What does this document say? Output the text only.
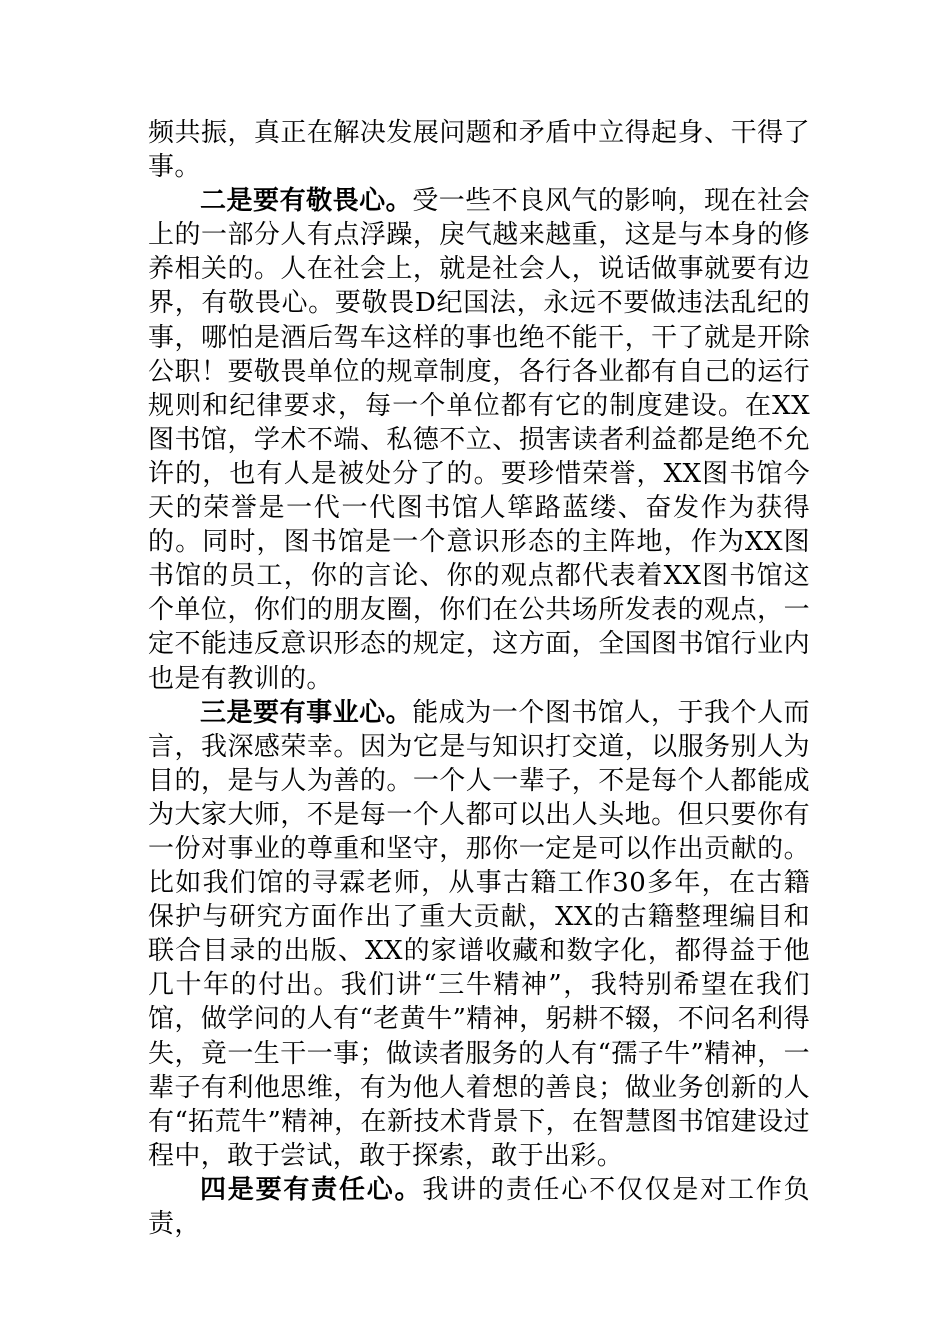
频共振，真正在解决发展问题和矛盾中立得起身、干得了事。

二是要有敬畏心。受一些不良风气的影响，现在社会上的一部分人有点浮躁，戾气越来越重，这是与本身的修养相关的。人在社会上，就是社会人，说话做事就要有边界，有敬畏心。要敬畏D纪国法，永远不要做违法乱纪的事，哪怕是酒后驾车这样的事也绝不能干，干了就是开除公职！要敬畏单位的规章制度，各行各业都有自己的运行规则和纪律要求，每一个单位都有它的制度建设。在XX图书馆，学术不端、私德不立、损害读者利益都是绝不允许的，也有人是被处分了的。要珍惜荣誉，XX图书馆今天的荣誉是一代一代图书馆人筚路蓝缕、奋发作为获得的。同时，图书馆是一个意识形态的主阵地，作为XX图书馆的员工，你的言论、你的观点都代表着XX图书馆这个单位，你们的朋友圈，你们在公共场所发表的观点，一定不能违反意识形态的规定，这方面，全国图书馆行业内也是有教训的。

三是要有事业心。能成为一个图书馆人，于我个人而言，我深感荣幸。因为它是与知识打交道，以服务别人为目的，是与人为善的。一个人一辈子，不是每个人都能成为大家大师，不是每一个人都可以出人头地。但只要你有一份对事业的尊重和坚守，那你一定是可以作出贡献的。比如我们馆的寻霖老师，从事古籍工作30多年，在古籍保护与研究方面作出了重大贡献，XX的古籍整理编目和联合目录的出版、XX的家谱收藏和数字化，都得益于他几十年的付出。我们讲“三牛精神”，我特别希望在我们馆，做学问的人有“老黄牛”精神，躬耕不辍，不问名利得失，竟一生干一事；做读者服务的人有“孺子牛”精神，一辈子有利他思维，有为他人着想的善良；做业务创新的人有“拓荒牛”精神，在新技术背景下，在智慧图书馆建设过程中，敢于尝试，敢于探索，敢于出彩。

四是要有责任心。我讲的责任心不仅仅是对工作负责，
